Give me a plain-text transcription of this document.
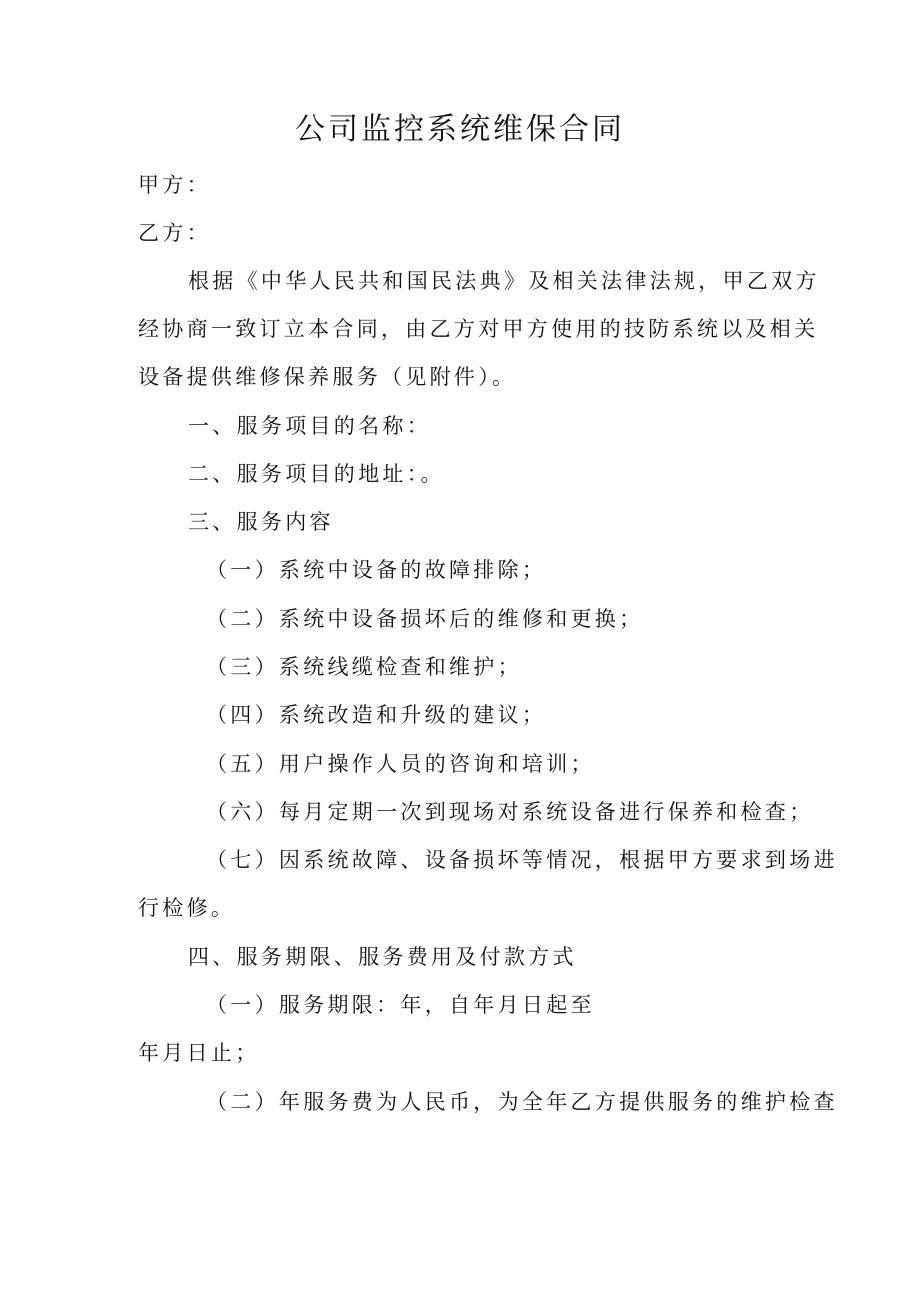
公司监控系统维保合同

甲方：

乙方：

根据《中华人民共和国民法典》及相关法律法规，甲乙双方

经协商一致订立本合同，由乙方对甲方使用的技防系统以及相关

设备提供维修保养服务（见附件）。

一、服务项目的名称：

二、服务项目的地址：。

三、服务内容

（一）系统中设备的故障排除；

（二）系统中设备损坏后的维修和更换；

（三）系统线缆检查和维护；

（四）系统改造和升级的建议；

（五）用户操作人员的咨询和培训；

（六）每月定期一次到现场对系统设备进行保养和检查；

（七）因系统故障、设备损坏等情况，根据甲方要求到场进

行检修。

四、服务期限、服务费用及付款方式

（一）服务期限：年，自年月日起至

年月日止；

（二）年服务费为人民币，为全年乙方提供服务的维护检查
